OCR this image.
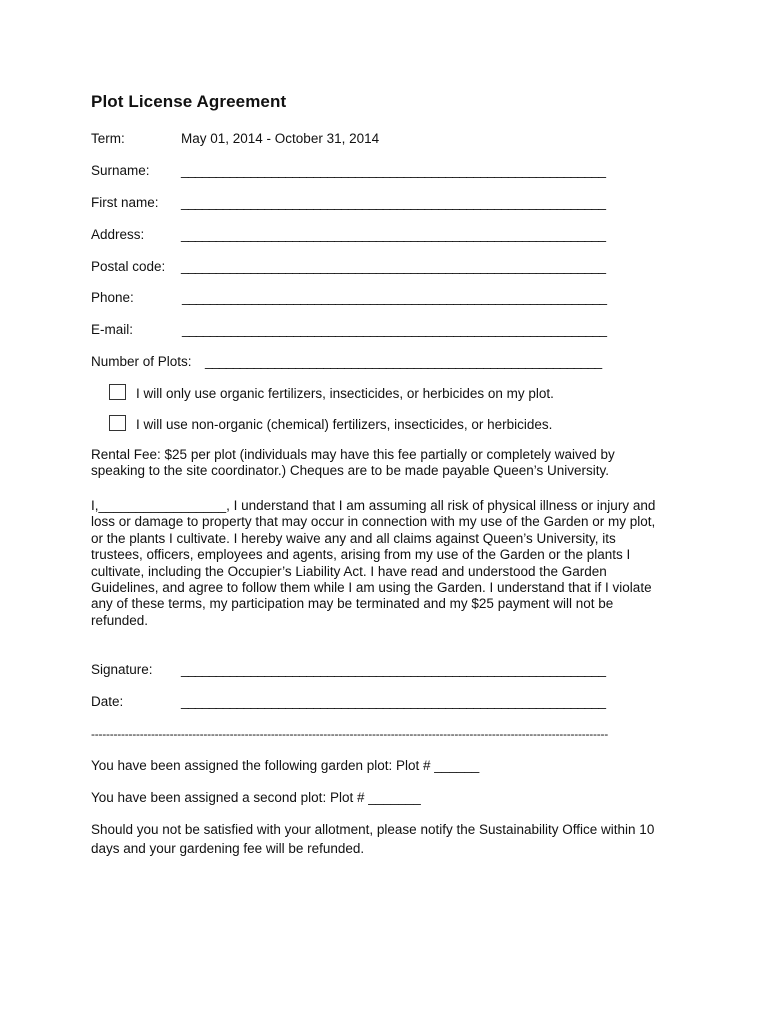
Plot License Agreement
Term:	May 01, 2014 - October 31, 2014
Surname: _____________________________________________________________
First name: _____________________________________________________________
Address:	_____________________________________________________________
Postal code: _____________________________________________________________
Phone:	_____________________________________________________________
E-mail:	_____________________________________________________________
Number of Plots: _________________________________________________________
I will only use organic fertilizers, insecticides, or herbicides on my plot.
I will use non-organic (chemical) fertilizers, insecticides, or herbicides.
Rental Fee: $25 per plot (individuals may have this fee partially or completely waived by
speaking to the site coordinator.) Cheques are to be made payable Queen’s University.
I,_________________, I understand that I am assuming all risk of physical illness or injury and
loss or damage to property that may occur in connection with my use of the Garden or my plot,
or the plants I cultivate. I hereby waive any and all claims against Queen’s University, its
trustees, officers, employees and agents, arising from my use of the Garden or the plants I
cultivate, including the Occupier’s Liability Act. I have read and understood the Garden
Guidelines, and agree to follow them while I am using the Garden. I understand that if I violate
any of these terms, my participation may be terminated and my $25 payment will not be
refunded.
Signature: _____________________________________________________________
Date:	_____________________________________________________________
------------------------------------------------------------------------------------------------------------------------------------------
You have been assigned the following garden plot: Plot # ______
You have been assigned a second plot: Plot # _______
Should you not be satisfied with your allotment, please notify the Sustainability Office within 10
days and your gardening fee will be refunded.
